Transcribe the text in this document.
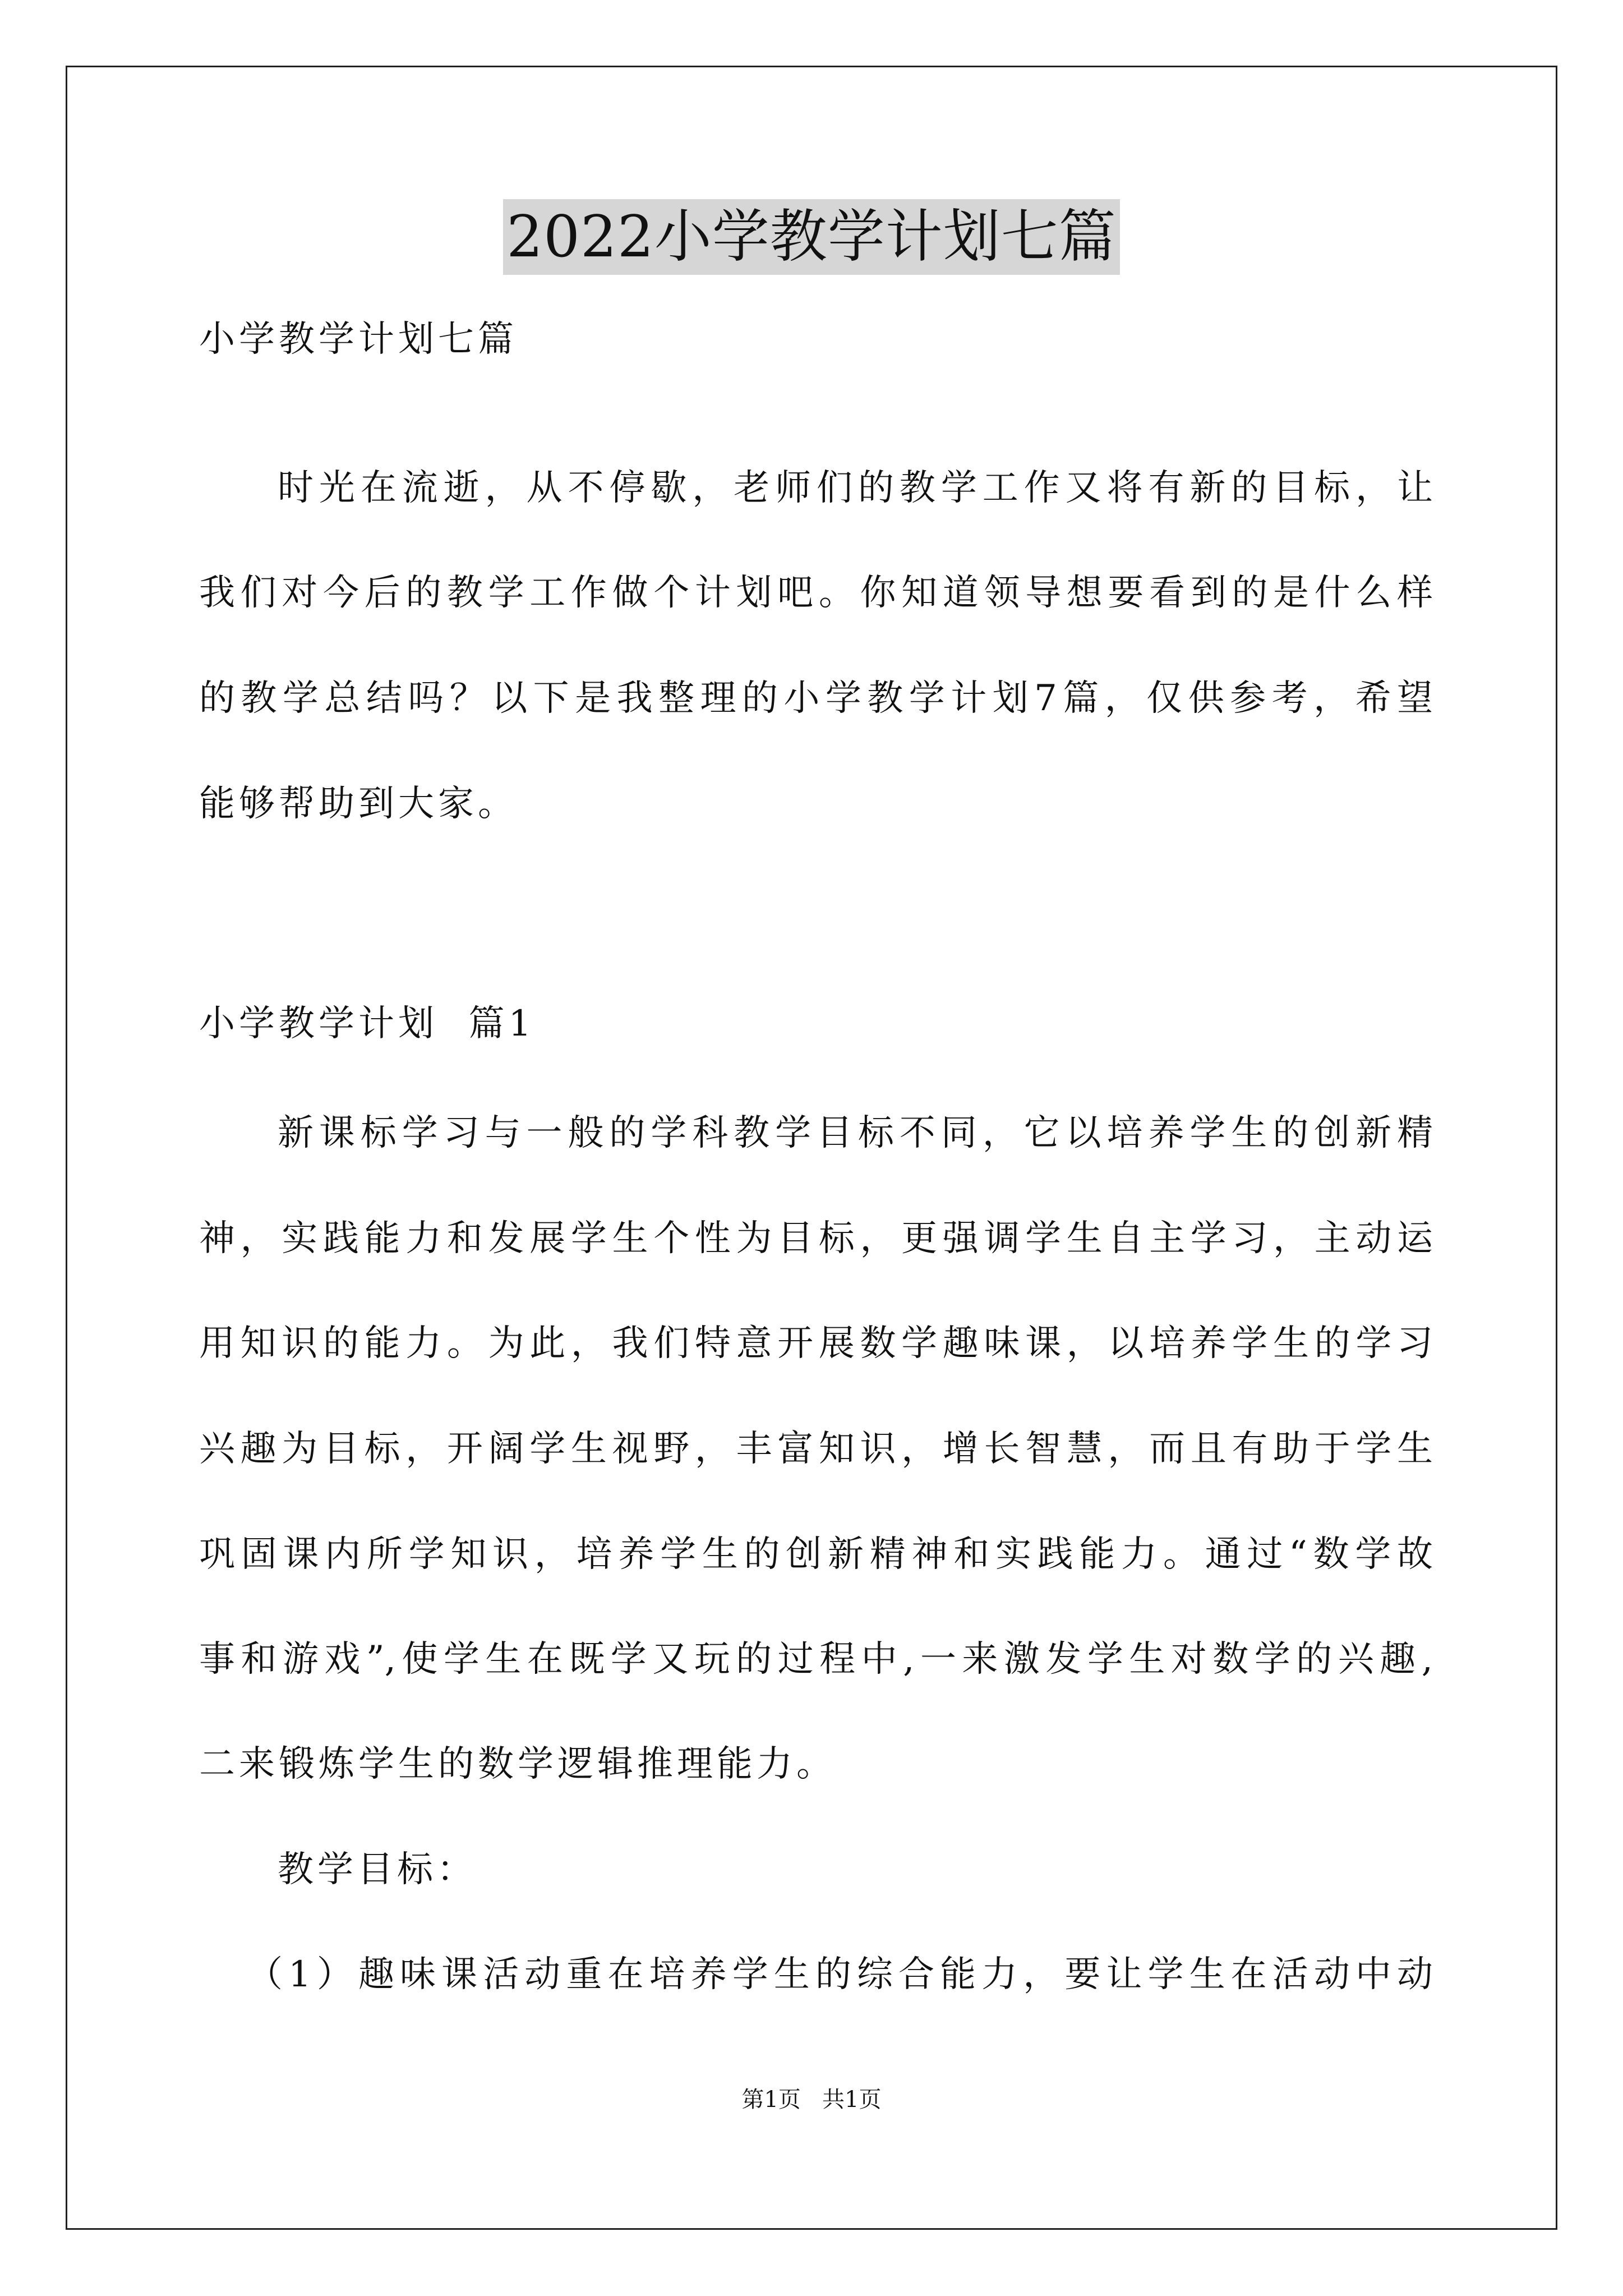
2022小学教学计划七篇
小学教学计划七篇
时光在流逝，从不停歇，老师们的教学工作又将有新的目标，让
我们对今后的教学工作做个计划吧。你知道领导想要看到的是什么样
的教学总结吗？以下是我整理的小学教学计划7篇，仅供参考，希望
能够帮助到大家。
小学教学计划  篇1
新课标学习与一般的学科教学目标不同，它以培养学生的创新精
神，实践能力和发展学生个性为目标，更强调学生自主学习，主动运
用知识的能力。为此，我们特意开展数学趣味课，以培养学生的学习
兴趣为目标，开阔学生视野，丰富知识，增长智慧，而且有助于学生
巩固课内所学知识，培养学生的创新精神和实践能力。通过“数学故
事和游戏”,使学生在既学又玩的过程中,一来激发学生对数学的兴趣,
二来锻炼学生的数学逻辑推理能力。
教学目标：
（1）趣味课活动重在培养学生的综合能力，要让学生在活动中动
第1页   共1页
